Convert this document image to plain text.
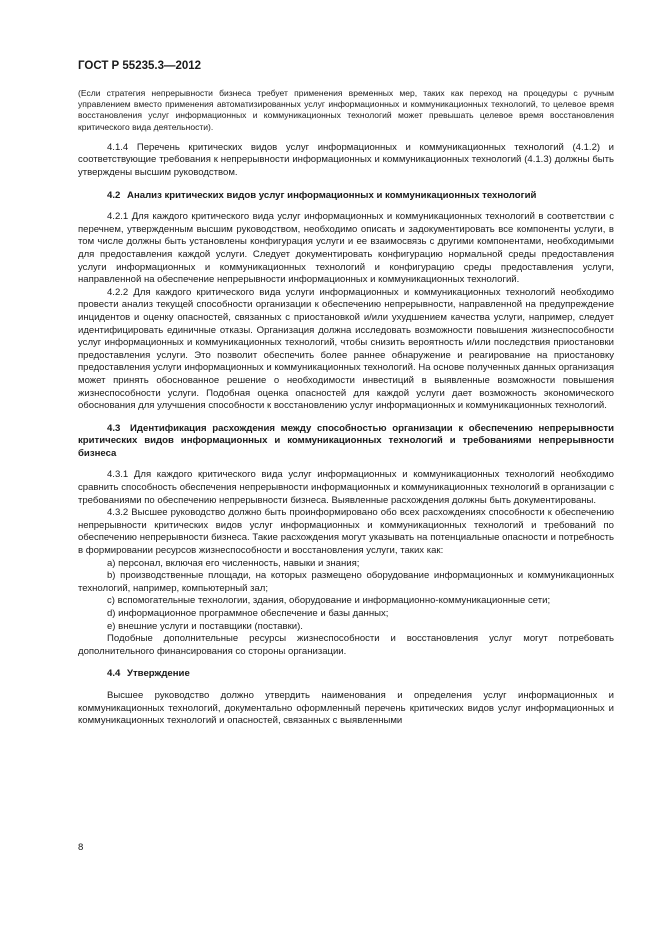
ГОСТ Р 55235.3—2012

(Если стратегия непрерывности бизнеса требует применения временных мер, таких как переход на процедуры с ручным управлением вместо применения автоматизированных услуг информационных и коммуникационных технологий, то целевое время восстановления услуг информационных и коммуникационных технологий может превышать целевое время восстановления критического вида деятельности).

4.1.4 Перечень критических видов услуг информационных и коммуникационных технологий (4.1.2) и соответствующие требования к непрерывности информационных и коммуникационных технологий (4.1.3) должны быть утверждены высшим руководством.

4.2 Анализ критических видов услуг информационных и коммуникационных технологий

4.2.1 Для каждого критического вида услуг информационных и коммуникационных технологий в соответствии с перечнем, утвержденным высшим руководством, необходимо описать и задокументировать все компоненты услуги, в том числе должны быть установлены конфигурация услуги и ее взаимосвязь с другими компонентами, необходимыми для предоставления каждой услуги. Следует документировать конфигурацию нормальной среды предоставления услуги информационных и коммуникационных технологий и конфигурацию среды предоставления услуги, направленной на обеспечение непрерывности информационных и коммуникационных технологий.

4.2.2 Для каждого критического вида услуги информационных и коммуникационных технологий необходимо провести анализ текущей способности организации к обеспечению непрерывности, направленной на предупреждение инцидентов и оценку опасностей, связанных с приостановкой и/или ухудшением качества услуги, например, следует идентифицировать единичные отказы. Организация должна исследовать возможности повышения жизнеспособности услуг информационных и коммуникационных технологий, чтобы снизить вероятность и/или последствия приостановки предоставления услуги. Это позволит обеспечить более раннее обнаружение и реагирование на приостановку предоставления услуги информационных и коммуникационных технологий. На основе полученных данных организация может принять обоснованное решение о необходимости инвестиций в выявленные возможности повышения жизнеспособности услуги. Подобная оценка опасностей для каждой услуги дает возможность экономического обоснования для улучшения способности к восстановлению услуг информационных и коммуникационных технологий.

4.3 Идентификация расхождения между способностью организации к обеспечению непрерывности критических видов информационных и коммуникационных технологий и требованиями непрерывности бизнеса

4.3.1 Для каждого критического вида услуг информационных и коммуникационных технологий необходимо сравнить способность обеспечения непрерывности информационных и коммуникационных технологий в организации с требованиями по обеспечению непрерывности бизнеса. Выявленные расхождения должны быть документированы.

4.3.2 Высшее руководство должно быть проинформировано обо всех расхождениях способности к обеспечению непрерывности критических видов услуг информационных и коммуникационных технологий и требований по обеспечению непрерывности бизнеса. Такие расхождения могут указывать на потенциальные опасности и потребность в формировании ресурсов жизнеспособности и восстановления услуги, таких как:

a) персонал, включая его численность, навыки и знания;

b) производственные площади, на которых размещено оборудование информационных и коммуникационных технологий, например, компьютерный зал;

c) вспомогательные технологии, здания, оборудование и информационно-коммуникационные сети;

d) информационное программное обеспечение и базы данных;

e) внешние услуги и поставщики (поставки).

Подобные дополнительные ресурсы жизнеспособности и восстановления услуг могут потребовать дополнительного финансирования со стороны организации.

4.4 Утверждение

Высшее руководство должно утвердить наименования и определения услуг информационных и коммуникационных технологий, документально оформленный перечень критических видов услуг информационных и коммуникационных технологий и опасностей, связанных с выявленными

8
